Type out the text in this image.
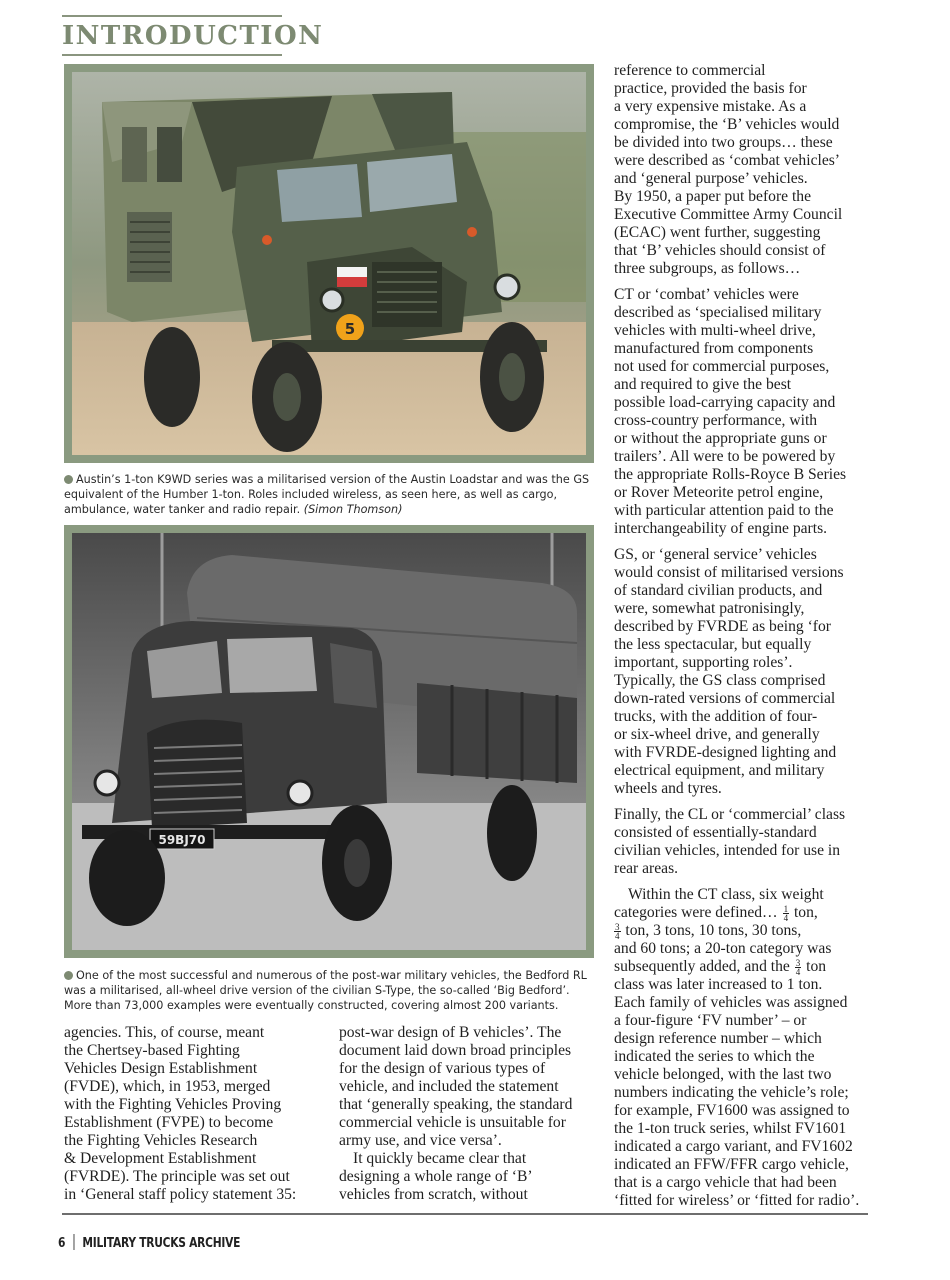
INTRODUCTION
5
Austin’s 1-ton K9WD series was a militarised version of the Austin Loadstar and was the GS equivalent of the Humber 1-ton. Roles included wireless, as seen here, as well as cargo, ambulance, water tanker and radio repair. (Simon Thomson)
59BJ70
One of the most successful and numerous of the post-war military vehicles, the Bedford RL was a militarised, all-wheel drive version of the civilian S-Type, the so-called ‘Big Bedford’. More than 73,000 examples were eventually constructed, covering almost 200 variants.

agencies. This, of course, meant
the Chertsey-based Fighting
Vehicles Design Establishment
(FVDE), which, in 1953, merged
with the Fighting Vehicles Proving
Establishment (FVPE) to become
the Fighting Vehicles Research
& Development Establishment
(FVRDE). The principle was set out
in ‘General staff policy statement 35:

post-war design of B vehicles’. The
document laid down broad principles
for the design of various types of
vehicle, and included the statement
that ‘generally speaking, the standard
commercial vehicle is unsuitable for
army use, and vice versa’.

It quickly became clear that
designing a whole range of ‘B’
vehicles from scratch, without

reference to commercial
practice, provided the basis for
a very expensive mistake. As a
compromise, the ‘B’ vehicles would
be divided into two groups… these
were described as ‘combat vehicles’
and ‘general purpose’ vehicles.
By 1950, a paper put before the
Executive Committee Army Council
(ECAC) went further, suggesting
that ‘B’ vehicles should consist of
three subgroups, as follows…

CT or ‘combat’ vehicles were
described as ‘specialised military
vehicles with multi-wheel drive,
manufactured from components
not used for commercial purposes,
and required to give the best
possible load-carrying capacity and
cross-country performance, with
or without the appropriate guns or
trailers’. All were to be powered by
the appropriate Rolls-Royce B Series
or Rover Meteorite petrol engine,
with particular attention paid to the
interchangeability of engine parts.

GS, or ‘general service’ vehicles
would consist of militarised versions
of standard civilian products, and
were, somewhat patronisingly,
described by FVRDE as being ‘for
the less spectacular, but equally
important, supporting roles’.
Typically, the GS class comprised
down-rated versions of commercial
trucks, with the addition of four-
or six-wheel drive, and generally
with FVRDE-designed lighting and
electrical equipment, and military
wheels and tyres.

Finally, the CL or ‘commercial’ class
consisted of essentially-standard
civilian vehicles, intended for use in
rear areas.

Within the CT class, six weight
categories were defined… $\frac{1}{4}$ ton,
$\frac{3}{4}$ ton, 3 tons, 10 tons, 30 tons,
and 60 tons; a 20-ton category was
subsequently added, and the $\frac{3}{4}$ ton
class was later increased to 1 ton.

Each family of vehicles was assigned
a four-figure ‘FV number’ – or
design reference number – which
indicated the series to which the
vehicle belonged, with the last two
numbers indicating the vehicle’s role;
for example, FV1600 was assigned to
the 1-ton truck series, whilst FV1601
indicated a cargo variant, and FV1602
indicated an FFW/FFR cargo vehicle,
that is a cargo vehicle that had been
‘fitted for wireless’ or ‘fitted for radio’.

6 MILITARY TRUCKS ARCHIVE
